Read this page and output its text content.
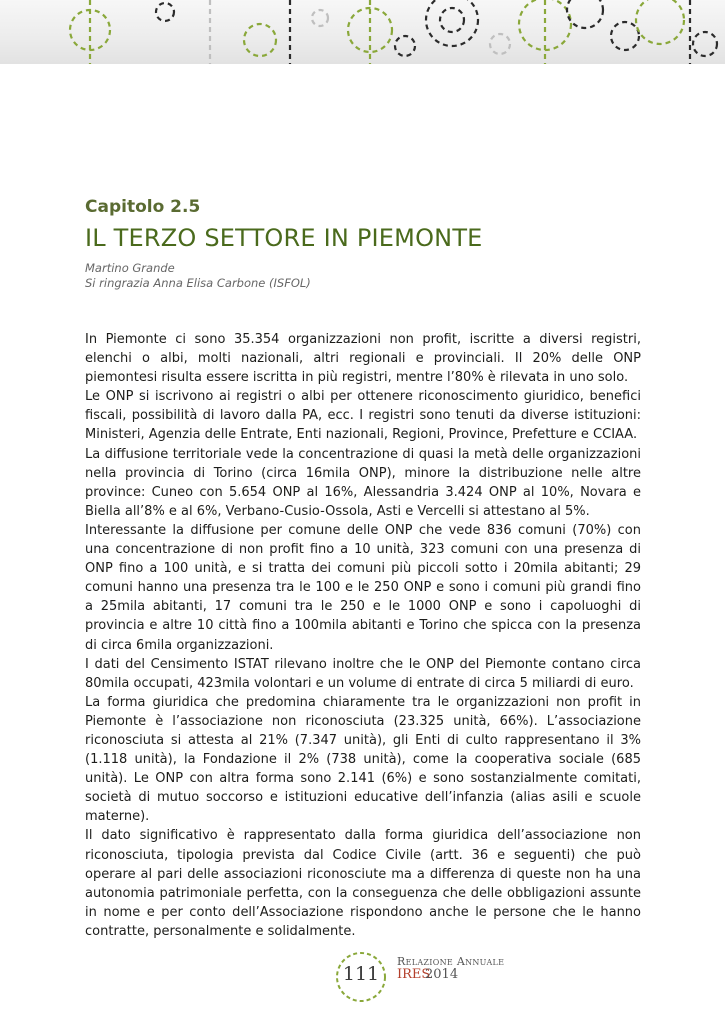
Capitolo 2.5
IL TERZO SETTORE IN PIEMONTE
Martino Grande
Si ringrazia Anna Elisa Carbone (ISFOL)

In Piemonte ci sono 35.354 organizzazioni non profit, iscritte a diversi registri, elenchi o albi, molti nazionali, altri regionali e provinciali. Il 20% delle ONP piemontesi risulta essere iscritta in più registri, mentre l’80% è rilevata in uno solo.

Le ONP si iscrivono ai registri o albi per ottenere riconoscimento giuridico, benefici fiscali, possibilità di lavoro dalla PA, ecc. I registri sono tenuti da diverse istituzioni: Ministeri, Agenzia delle Entrate, Enti nazionali, Regioni, Province, Prefetture e CCIAA.

La diffusione territoriale vede la concentrazione di quasi la metà delle organizzazioni nella provincia di Torino (circa 16mila ONP), minore la distribuzione nelle altre province: Cuneo con 5.654 ONP al 16%, Alessandria 3.424 ONP al 10%, Novara e Biella all’8% e al 6%, Verbano-Cusio-Ossola, Asti e Vercelli si attestano al 5%.

Interessante la diffusione per comune delle ONP che vede 836 comuni (70%) con una concentrazione di non profit fino a 10 unità, 323 comuni con una presenza di ONP fino a 100 unità, e si tratta dei comuni più piccoli sotto i 20mila abitanti; 29 comuni hanno una presenza tra le 100 e le 250 ONP e sono i comuni più grandi fino a 25mila abitanti, 17 comuni tra le 250 e le 1000 ONP e sono i capoluoghi di provincia e altre 10 città fino a 100mila abitanti e Torino che spicca con la presenza di circa 6mila organizzazioni.

I dati del Censimento ISTAT rilevano inoltre che le ONP del Piemonte contano circa 80mila occupati, 423mila volontari e un volume di entrate di circa 5 miliardi di euro.

La forma giuridica che predomina chiaramente tra le organizzazioni non profit in Piemonte è l’associazione non riconosciuta (23.325 unità, 66%). L’associazione riconosciuta si attesta al 21% (7.347 unità), gli Enti di culto rappresentano il 3% (1.118 unità), la Fondazione il 2% (738 unità), come la cooperativa sociale (685 unità). Le ONP con altra forma sono 2.141 (6%) e sono sostanzialmente comitati, società di mutuo soccorso e istituzioni educative dell’infanzia (alias asili e scuole materne).

Il dato significativo è rappresentato dalla forma giuridica dell’associazione non riconosciuta, tipologia prevista dal Codice Civile (artt. 36 e seguenti) che può operare al pari delle associazioni riconosciute ma a differenza di queste non ha una autonomia patrimoniale perfetta, con la conseguenza che delle obbligazioni assunte in nome e per conto dell’Associazione rispondono anche le persone che le hanno contratte, personalmente e solidalmente.

111
Relazione Annuale
IRES
2014
